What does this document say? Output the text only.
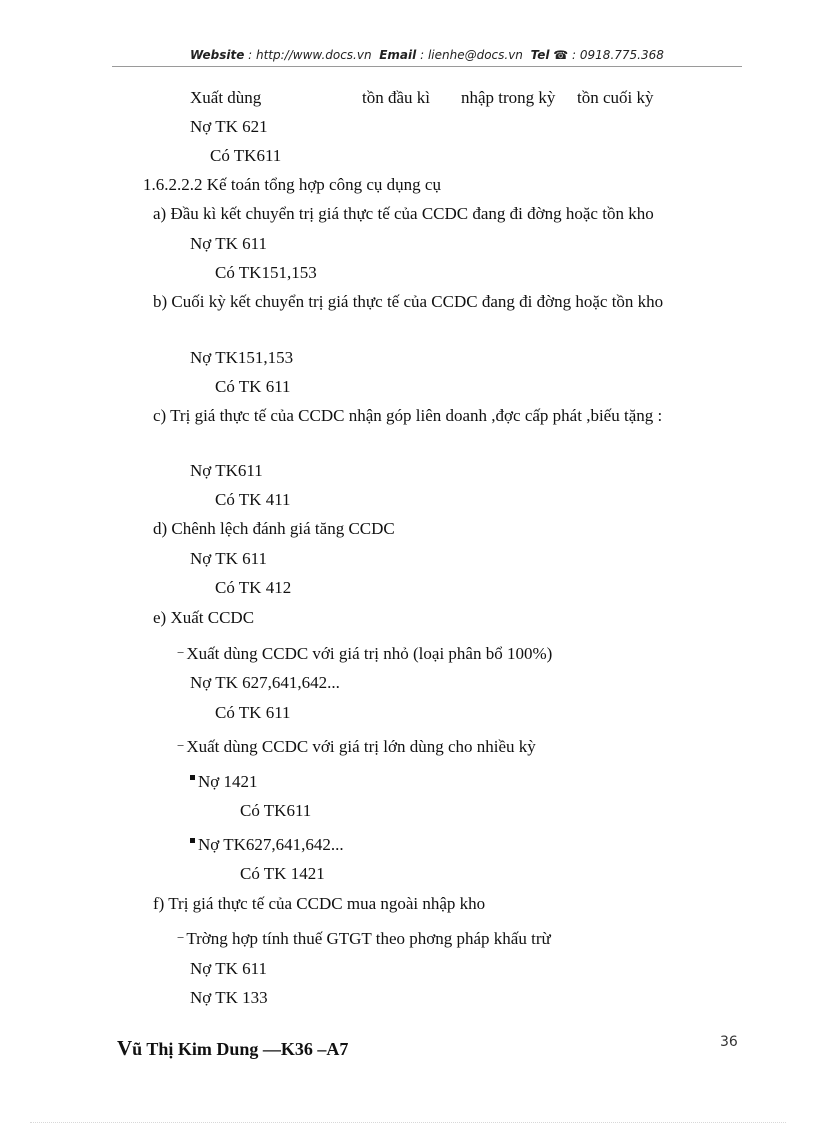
Website : http://www.docs.vn Email : lienhe@docs.vn Tel ☎ : 0918.775.368
Xuất dùng	tồn đầu kì nhập trong kỳ tồn cuối kỳ
Nợ TK 621
Có TK611
1.6.2.2.2 Kế toán tổng hợp công cụ dụng cụ
a) Đầu kì kết chuyển trị giá thực tế của CCDC đang đi đờng hoặc tồn kho
Nợ TK 611
Có TK151,153
b) Cuối kỳ kết chuyển trị giá thực tế của CCDC đang đi đờng hoặc tồn kho
Nợ TK151,153
Có TK 611
c) Trị giá thực tế của CCDC nhận góp liên doanh ,đợc cấp phát ,biếu tặng :
Nợ TK611
Có TK 411
d) Chênh lệch đánh giá tăng CCDC
Nợ TK 611
Có TK 412
e) Xuất CCDC
− Xuất dùng CCDC với giá trị nhỏ (loại phân bổ 100%)
Nợ TK 627,641,642...
Có TK 611
− Xuất dùng CCDC với giá trị lớn dùng cho nhiều kỳ
Nợ 1421
Có TK611
Nợ TK627,641,642...
Có TK 1421
f) Trị giá thực tế của CCDC mua ngoài nhập kho
− Trờng hợp tính thuế GTGT theo phơng pháp khấu trừ
Nợ TK 611
Nợ TK 133
Vũ Thị Kim Dung —K36 –A7	36
